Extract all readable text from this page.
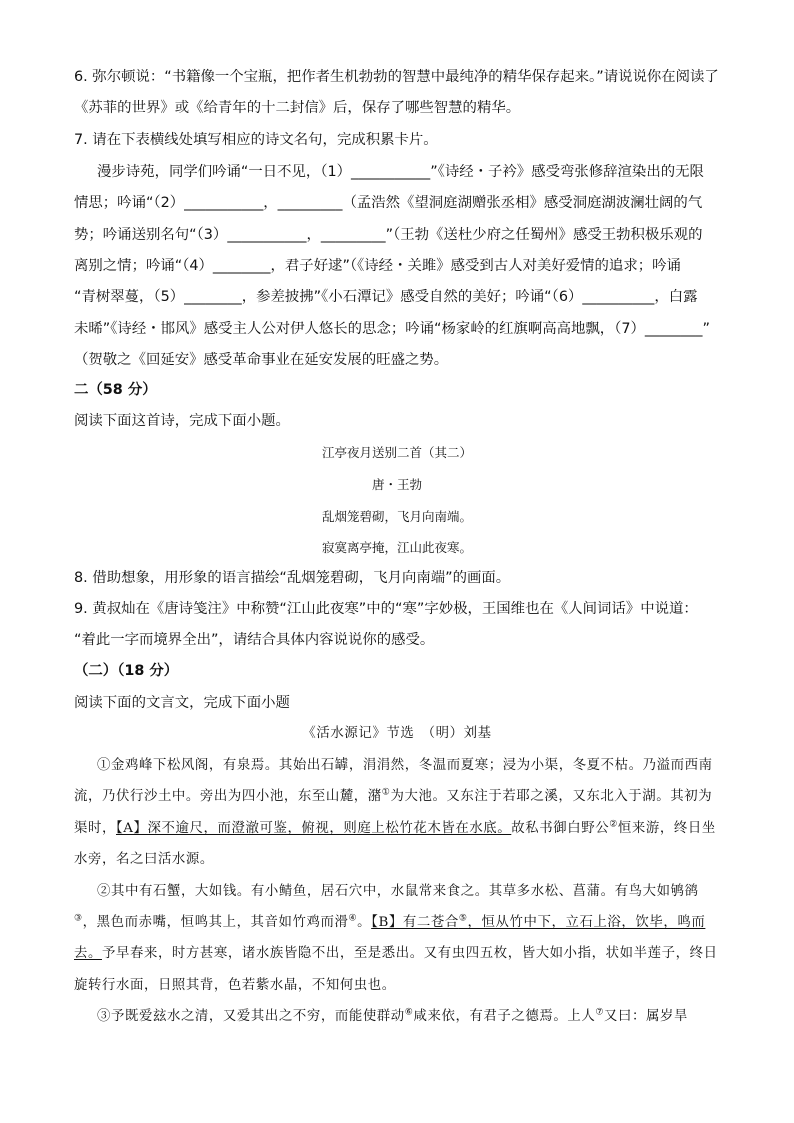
6. 弥尔顿说：“书籍像一个宝瓶，把作者生机勃勃的智慧中最纯净的精华保存起来。”请说说你在阅读了
《苏菲的世界》或《给青年的十二封信》后，保存了哪些智慧的精华。
7. 请在下表横线处填写相应的诗文名句，完成积累卡片。
漫步诗苑，同学们吟诵“一日不见，（1）___________”《诗经・子衿》感受弯张修辞渲染出的无限
情思；吟诵“（2）___________，_________（孟浩然《望洞庭湖赠张丞相》感受洞庭湖波澜壮阔的气
势；吟诵送别名句“（3）___________，_________”（王勃《送杜少府之任蜀州》感受王勃积极乐观的
离别之情；吟诵“（4）________，君子好逑”（《诗经・关雎》感受到古人对美好爱情的追求；吟诵
“青树翠蔓，（5）________，参差披拂”《小石潭记》感受自然的美好；吟诵“（6）__________，白露
未晞”《诗经・邯风》感受主人公对伊人悠长的思念；吟诵“杨家岭的红旗啊高高地飘，（7）________”
（贺敬之《回延安》感受革命事业在延安发展的旺盛之势。
二（58 分）
阅读下面这首诗，完成下面小题。
江亭夜月送别二首（其二）
唐・王勃
乱烟笼碧砌，飞月向南端。
寂寞离亭掩，江山此夜寒。
8. 借助想象，用形象的语言描绘“乱烟笼碧砌，飞月向南端”的画面。
9. 黄叔灿在《唐诗笺注》中称赞“江山此夜寒”中的“寒”字妙极，王国维也在《人间词话》中说道：
“着此一字而境界全出”，请结合具体内容说说你的感受。
（二）（18 分）
阅读下面的文言文，完成下面小题
《活水源记》节选　（明）刘基
①金鸡峰下松风阁，有泉焉。其始出石罅，涓涓然，冬温而夏寒；浸为小渠，冬夏不枯。乃溢而西南
流，乃伏行沙土中。旁出为四小池，东至山麓，潴①为大池。又东注于若耶之溪，又东北入于湖。其初为
渠时，【A】深不逾尺，而澄澈可鉴，俯视，则庭上松竹花木皆在水底。故私书御白野公②恒来游，终日坐
水旁，名之曰活水源。
②其中有石蟹，大如钱。有小鲭鱼，居石穴中，水鼠常来食之。其草多水松、菖蒲。有鸟大如鸲鹆
③，黑色而赤嘴，恒鸣其上，其音如竹鸡而滑④。【B】有二苍合⑤，恒从竹中下，立石上浴，饮毕，鸣而
去。予早春来，时方甚寒，诸水族皆隐不出，至是悉出。又有虫四五枚，皆大如小指，状如半莲子，终日
旋转行水面，日照其背，色若紫水晶，不知何虫也。
③予既爱玆水之清，又爱其出之不穷，而能使群动⑥咸来依，有君子之德焉。上人⑦又曰：属岁旱
